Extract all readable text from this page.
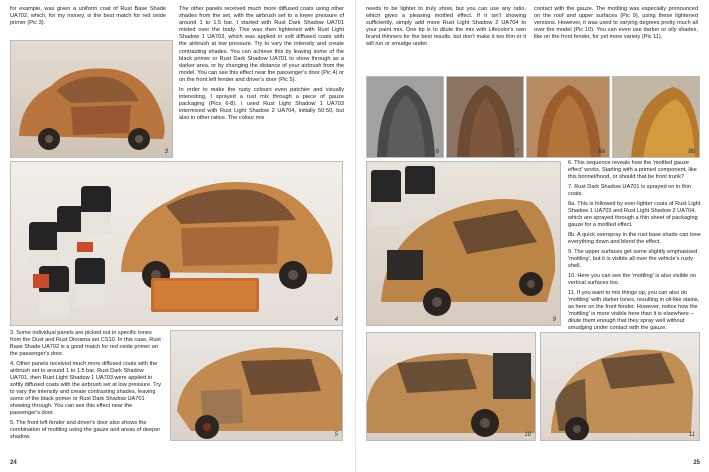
for example, was given a uniform coat of Rust Base Shade UA702, which, for my money, is the best match for red oxide primer (Pic 3).

The other panels received much more diffused coats using other shades from the set, with the airbrush set to a lower pressure of around 1 to 1.5 bar. I started with Rust Dark Shadow UA701 misted over the body. This was then lightened with Rust Light Shadow 1 UA703, which was applied in soft diffused coats with the airbrush at low pressure. Try to vary the intensity and create contrasting shades. You can achieve this by leaving some of the black primer or Rust Dark Shadow UA701 to show through as a darker area, or by changing the distance of your airbrush from the model. You can see this effect near the passenger's door (Pic 4) or on the front left fender and driver's door (Pic 5).

In order to make the rusty colours even patchier and visually interesting, I sprayed a rust mix through a piece of gauze packaging (Pics 6-8). I used Rust Light Shadow 1 UA703 intermixed with Rust Light Shadow 2 UA704, initially 50:50, but also in other ratios. The colour mix

3
4

3. Some individual panels are picked out in specific tones from the Dust and Rust Diorama set CS10. In this case, Rust Base Shade UA702 is a good match for red oxide primer on the passenger's door.

4. Other panels received much more diffused coats with the airbrush set to around 1 to 1.5 bar. Rust Dark Shadow UA701, then Rust Light Shadow 1 UA703 were applied in softly diffused coats with the airbrush set at low pressure. Try to vary the intensity and create contrasting shades, leaving some of the black primer or Rust Dark Shadow UA701 showing through. You can see this effect near the passenger's door.

5. The front left fender and driver's door also shows the combination of mottling using the gauze and areas of deeper shadow.	5
24

needs to be lighter to truly show, but you can use any ratio, which gives a pleasing mottled effect. If it isn't showing sufficiently, simply add more Rust Light Shadow 2 UA704 to your paint mix. One tip is to dilute the mix with Lifecolor's own brand thinners for the best results, but don't make it too thin or it will run or smudge under

contact with the gauze. The mottling was especially pronounced on the roof and upper surfaces (Pic 9), using these lightened versions. However, it was used to varying degrees pretty much all over the model (Pic 10). You can even use darker or oily shades, like on the front fender, for yet more variety (Pic 11).

6	7	8a	8b
9

6. This sequence reveals how the 'mottled gauze effect' works. Starting with a primed component, like this bonnet/hood, or should that be front trunk?

7. Rust Dark Shadow UA701 is sprayed on in thin coats.

8a. This is followed by ever-lighter coats of Rust Light Shadow 1 UA703 and Rust Light Shadow 2 UA704, which are sprayed through a thin sheet of packaging gauze for a mottled effect.

8b. A quick overspray in the rust base shade can tone everything down and blend the effect.

9. The upper surfaces get some slightly emphasised 'mottling', but it is visible all over the vehicle's rusty shell.

10. Here you can see the 'mottling' is also visible on vertical surfaces too.

11. If you want to mix things up, you can also do 'mottling' with darker tones, resulting in oil-like stains, as here on the front fender. However, notice how the 'mottling' is more visible here than it is elsewhere – dilute them enough that they spray well without smudging under contact with the gauze.

10	11
25
